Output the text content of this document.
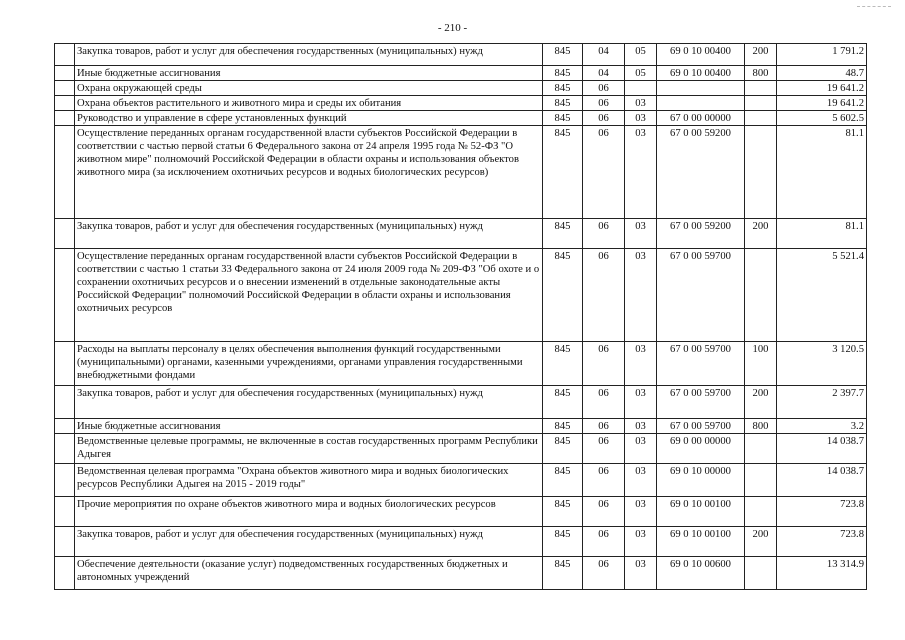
- 210 -
	Закупка товаров, работ и услуг для обеспечения государственных (муниципальных) нужд	845	04	05	69 0 10 00400	200	1 791.2
	Иные бюджетные ассигнования	845	04	05	69 0 10 00400	800	48.7
	Охрана окружающей среды	845	06				19 641.2
	Охрана объектов растительного и животного мира и среды их обитания	845	06	03			19 641.2
	Руководство и управление в сфере установленных функций	845	06	03	67 0 00 00000		5 602.5
	Осуществление переданных органам государственной власти субъектов Российской Федерации в соответствии с частью первой статьи 6 Федерального закона от 24 апреля 1995 года № 52-ФЗ "О животном мире" полномочий Российской Федерации в области охраны и использования объектов животного мира (за исключением охотничьих ресурсов и водных биологических ресурсов)	845	06	03	67 0 00 59200		81.1
	Закупка товаров, работ и услуг для обеспечения государственных (муниципальных) нужд	845	06	03	67 0 00 59200	200	81.1
	Осуществление переданных органам государственной власти субъектов Российской Федерации в соответствии с частью 1 статьи 33 Федерального закона от 24 июля 2009 года № 209-ФЗ "Об охоте и о сохранении охотничьих ресурсов и о внесении изменений в отдельные законодательные акты Российской Федерации" полномочий Российской Федерации в области охраны и использования охотничьих ресурсов	845	06	03	67 0 00 59700		5 521.4
	Расходы на выплаты персоналу в целях обеспечения выполнения функций государственными (муниципальными) органами, казенными учреждениями, органами управления государственными внебюджетными фондами	845	06	03	67 0 00 59700	100	3 120.5
	Закупка товаров, работ и услуг для обеспечения государственных (муниципальных) нужд	845	06	03	67 0 00 59700	200	2 397.7
	Иные бюджетные ассигнования	845	06	03	67 0 00 59700	800	3.2
	Ведомственные целевые программы, не включенные в состав государственных программ Республики Адыгея	845	06	03	69 0 00 00000		14 038.7
	Ведомственная целевая программа "Охрана объектов животного мира и водных биологических ресурсов Республики Адыгея на 2015 - 2019 годы"	845	06	03	69 0 10 00000		14 038.7
	Прочие мероприятия по охране объектов животного мира и водных биологических ресурсов	845	06	03	69 0 10 00100		723.8
	Закупка товаров, работ и услуг для обеспечения государственных (муниципальных) нужд	845	06	03	69 0 10 00100	200	723.8
	Обеспечение деятельности (оказание услуг) подведомственных государственных бюджетных и автономных учреждений	845	06	03	69 0 10 00600		13 314.9
